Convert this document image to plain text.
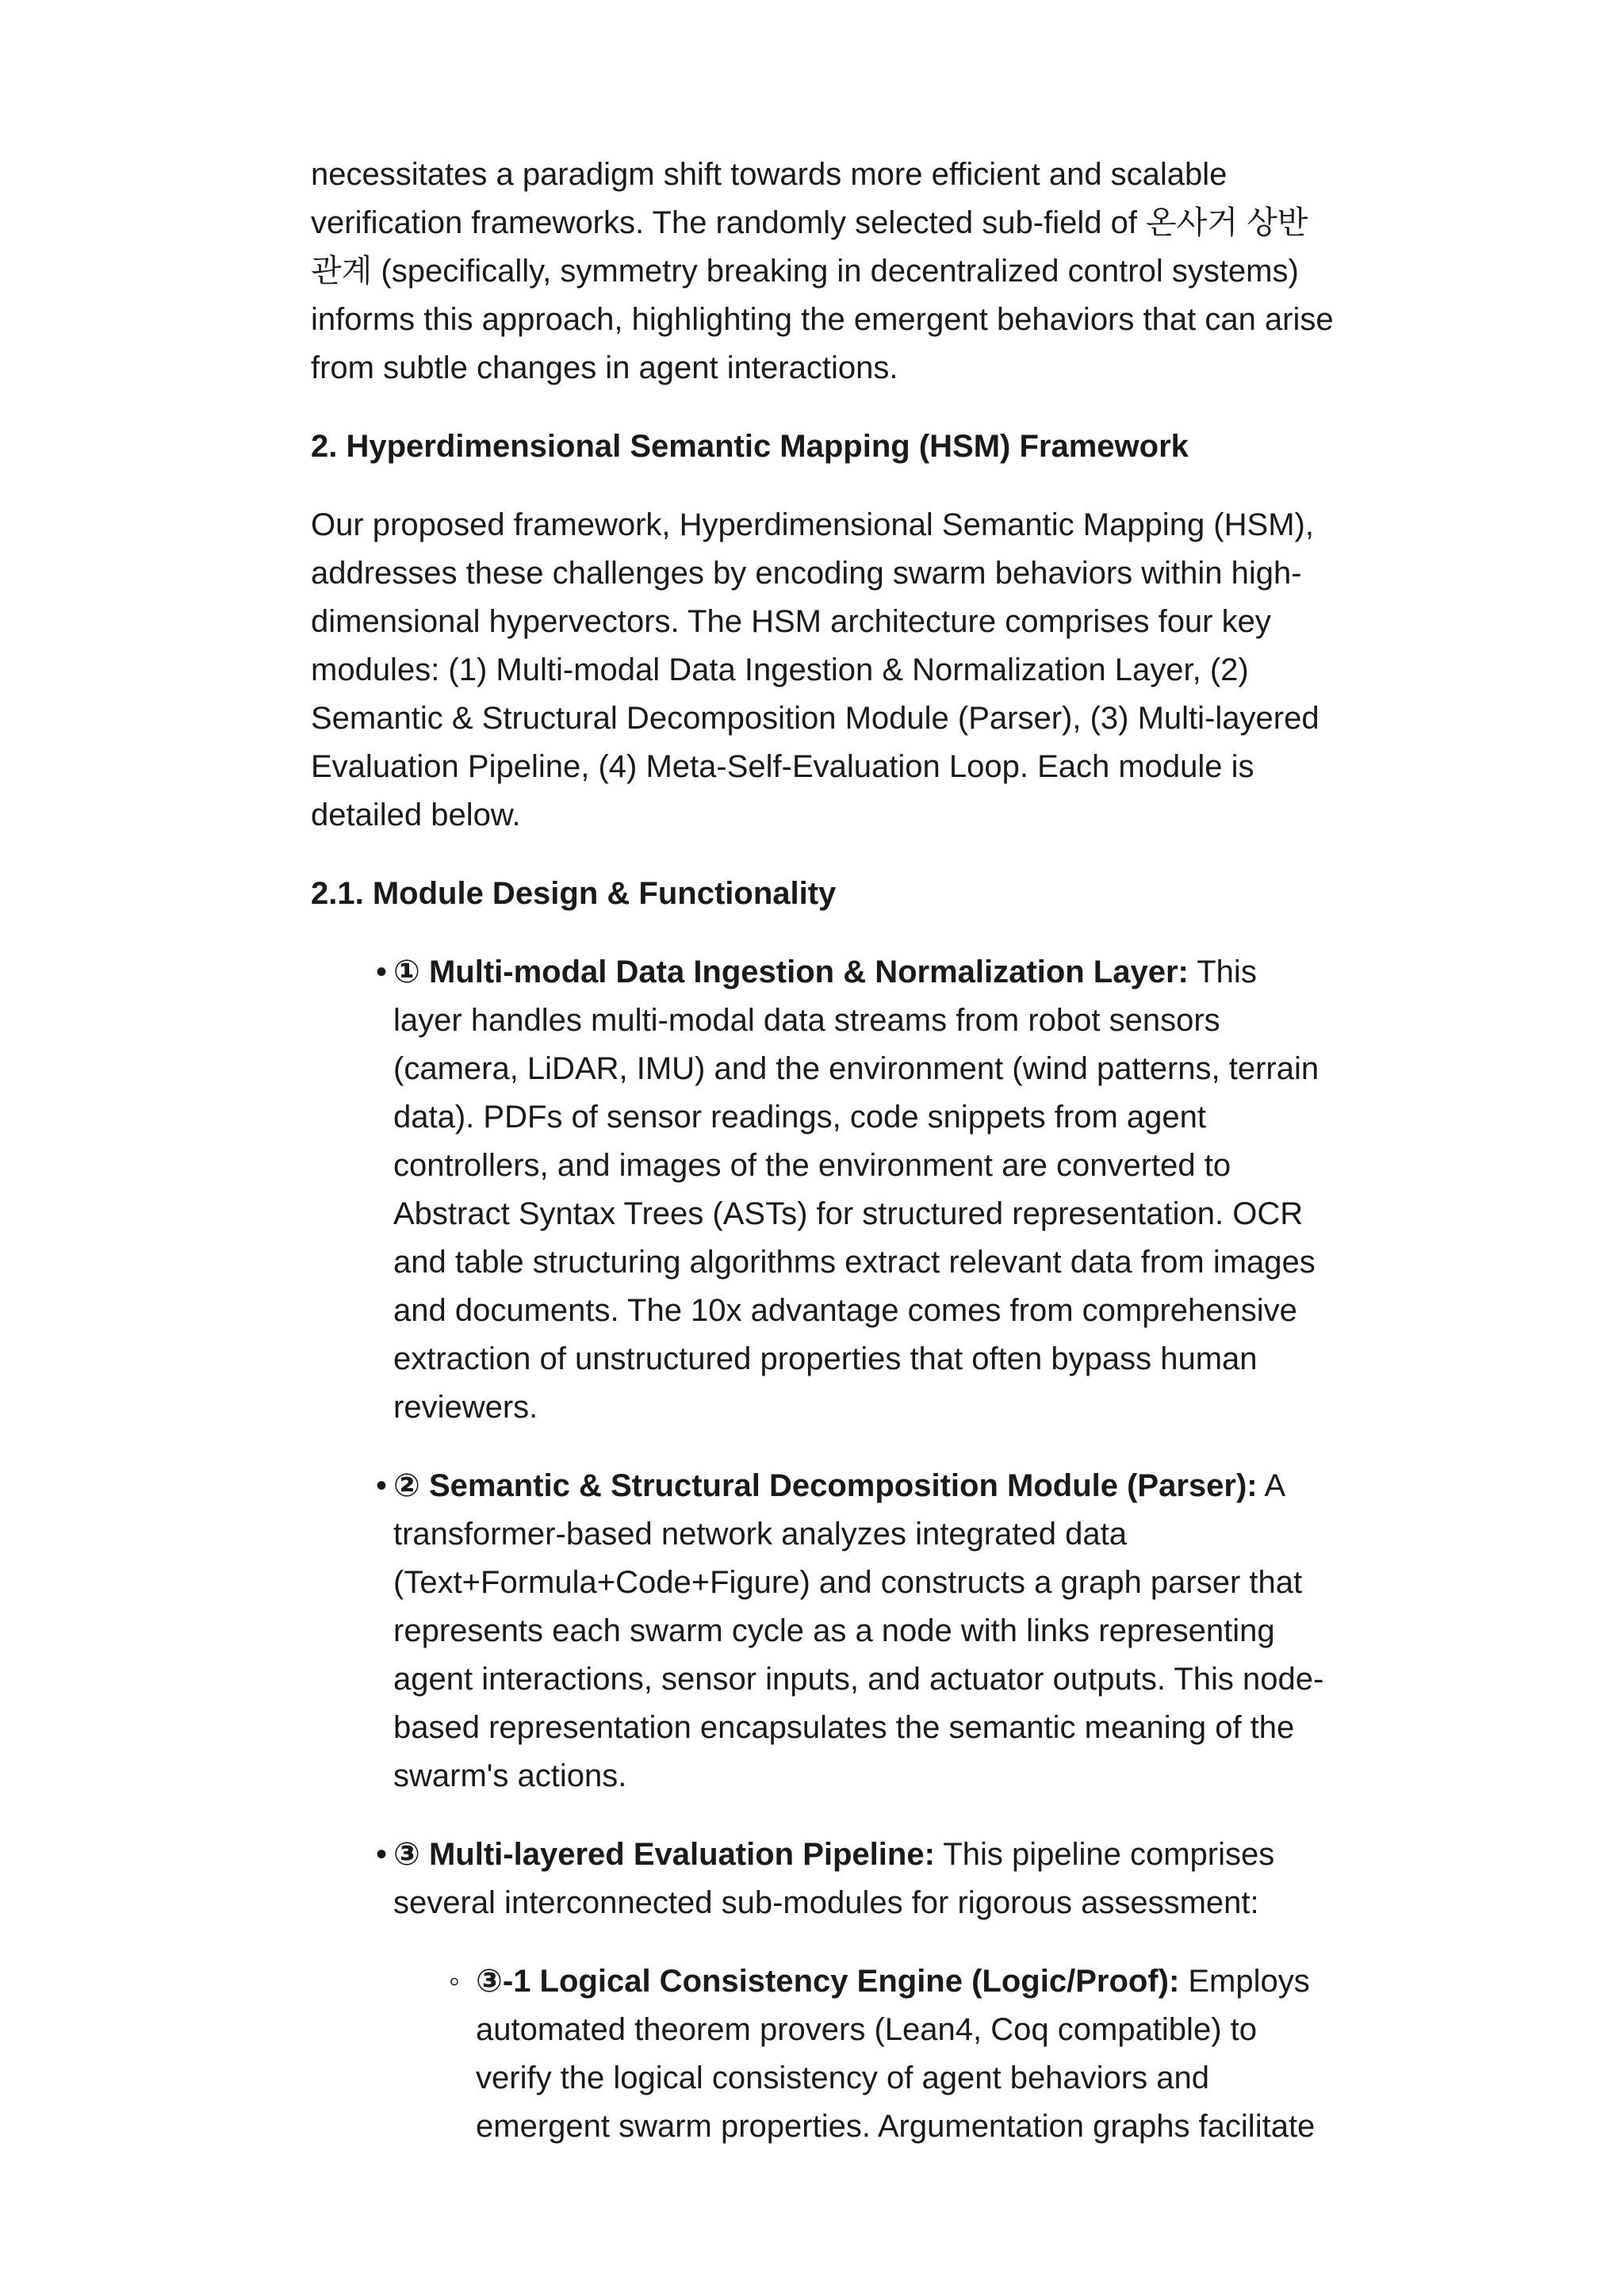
necessitates a paradigm shift towards more efficient and scalable verification frameworks. The randomly selected sub-field of 온사거 상반 관계 (specifically, symmetry breaking in decentralized control systems) informs this approach, highlighting the emergent behaviors that can arise from subtle changes in agent interactions.

2. Hyperdimensional Semantic Mapping (HSM) Framework

Our proposed framework, Hyperdimensional Semantic Mapping (HSM), addresses these challenges by encoding swarm behaviors within high-dimensional hypervectors. The HSM architecture comprises four key modules: (1) Multi-modal Data Ingestion & Normalization Layer, (2) Semantic & Structural Decomposition Module (Parser), (3) Multi-layered Evaluation Pipeline, (4) Meta-Self-Evaluation Loop. Each module is detailed below.

2.1. Module Design & Functionality
• ① Multi-modal Data Ingestion & Normalization Layer: This layer handles multi-modal data streams from robot sensors (camera, LiDAR, IMU) and the environment (wind patterns, terrain data). PDFs of sensor readings, code snippets from agent controllers, and images of the environment are converted to Abstract Syntax Trees (ASTs) for structured representation. OCR and table structuring algorithms extract relevant data from images and documents. The 10x advantage comes from comprehensive extraction of unstructured properties that often bypass human reviewers.
• ② Semantic & Structural Decomposition Module (Parser): A transformer-based network analyzes integrated data (Text+Formula+Code+Figure) and constructs a graph parser that represents each swarm cycle as a node with links representing agent interactions, sensor inputs, and actuator outputs. This node-based representation encapsulates the semantic meaning of the swarm's actions.
• ③ Multi-layered Evaluation Pipeline: This pipeline comprises several interconnected sub-modules for rigorous assessment:
◦ ③-1 Logical Consistency Engine (Logic/Proof): Employs automated theorem provers (Lean4, Coq compatible) to verify the logical consistency of agent behaviors and emergent swarm properties. Argumentation graphs facilitate
